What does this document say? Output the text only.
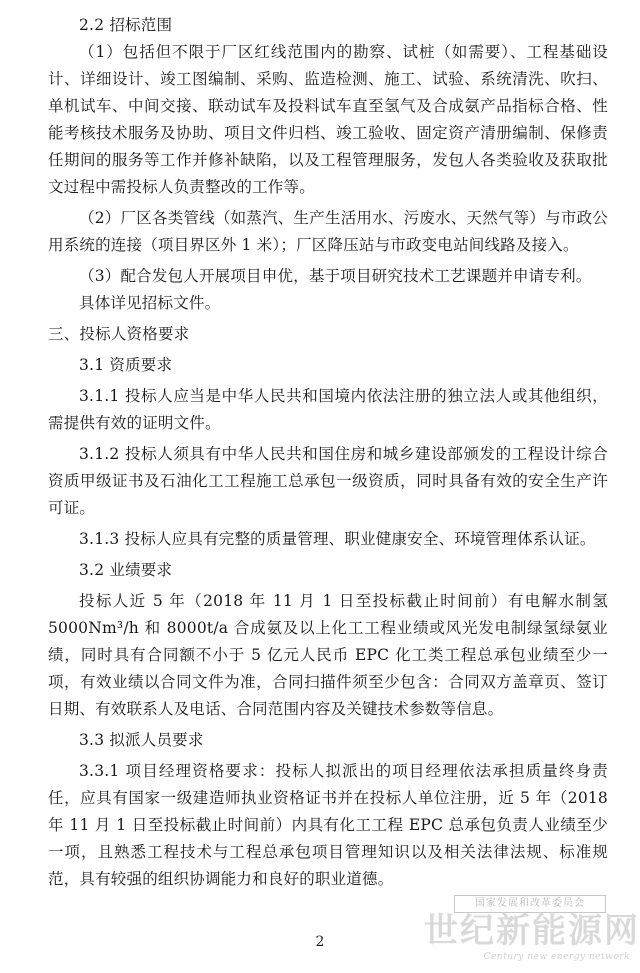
2.2 招标范围

（1）包括但不限于厂区红线范围内的勘察、试桩（如需要）、工程基础设计、详细设计、竣工图编制、采购、监造检测、施工、试验、系统清洗、吹扫、单机试车、中间交接、联动试车及投料试车直至氢气及合成氨产品指标合格、性能考核技术服务及协助、项目文件归档、竣工验收、固定资产清册编制、保修责任期间的服务等工作并修补缺陷，以及工程管理服务，发包人各类验收及获取批文过程中需投标人负责整改的工作等。

（2）厂区各类管线（如蒸汽、生产生活用水、污废水、天然气等）与市政公用系统的连接（项目界区外 1 米）；厂区降压站与市政变电站间线路及接入。

（3）配合发包人开展项目申优，基于项目研究技术工艺课题并申请专利。

具体详见招标文件。

三、投标人资格要求

3.1 资质要求

3.1.1 投标人应当是中华人民共和国境内依法注册的独立法人或其他组织，需提供有效的证明文件。

3.1.2 投标人须具有中华人民共和国住房和城乡建设部颁发的工程设计综合资质甲级证书及石油化工工程施工总承包一级资质，同时具备有效的安全生产许可证。

3.1.3 投标人应具有完整的质量管理、职业健康安全、环境管理体系认证。

3.2 业绩要求

投标人近 5 年（2018 年 11 月 1 日至投标截止时间前）有电解水制氢 5000Nm³/h 和 8000t/a 合成氨及以上化工工程业绩或风光发电制绿氢绿氨业绩，同时具有合同额不小于 5 亿元人民币 EPC 化工类工程总承包业绩至少一项，有效业绩以合同文件为准，合同扫描件须至少包含：合同双方盖章页、签订日期、有效联系人及电话、合同范围内容及关键技术参数等信息。

3.3 拟派人员要求

3.3.1 项目经理资格要求：投标人拟派出的项目经理依法承担质量终身责任，应具有国家一级建造师执业资格证书并在投标人单位注册，近 5 年（2018 年 11 月 1 日至投标截止时间前）内具有化工工程 EPC 总承包负责人业绩至少一项，且熟悉工程技术与工程总承包项目管理知识以及相关法律法规、标准规范，具有较强的组织协调能力和良好的职业道德。

国家发展和改革委员会
2	世纪新能源网
Century new energy network
